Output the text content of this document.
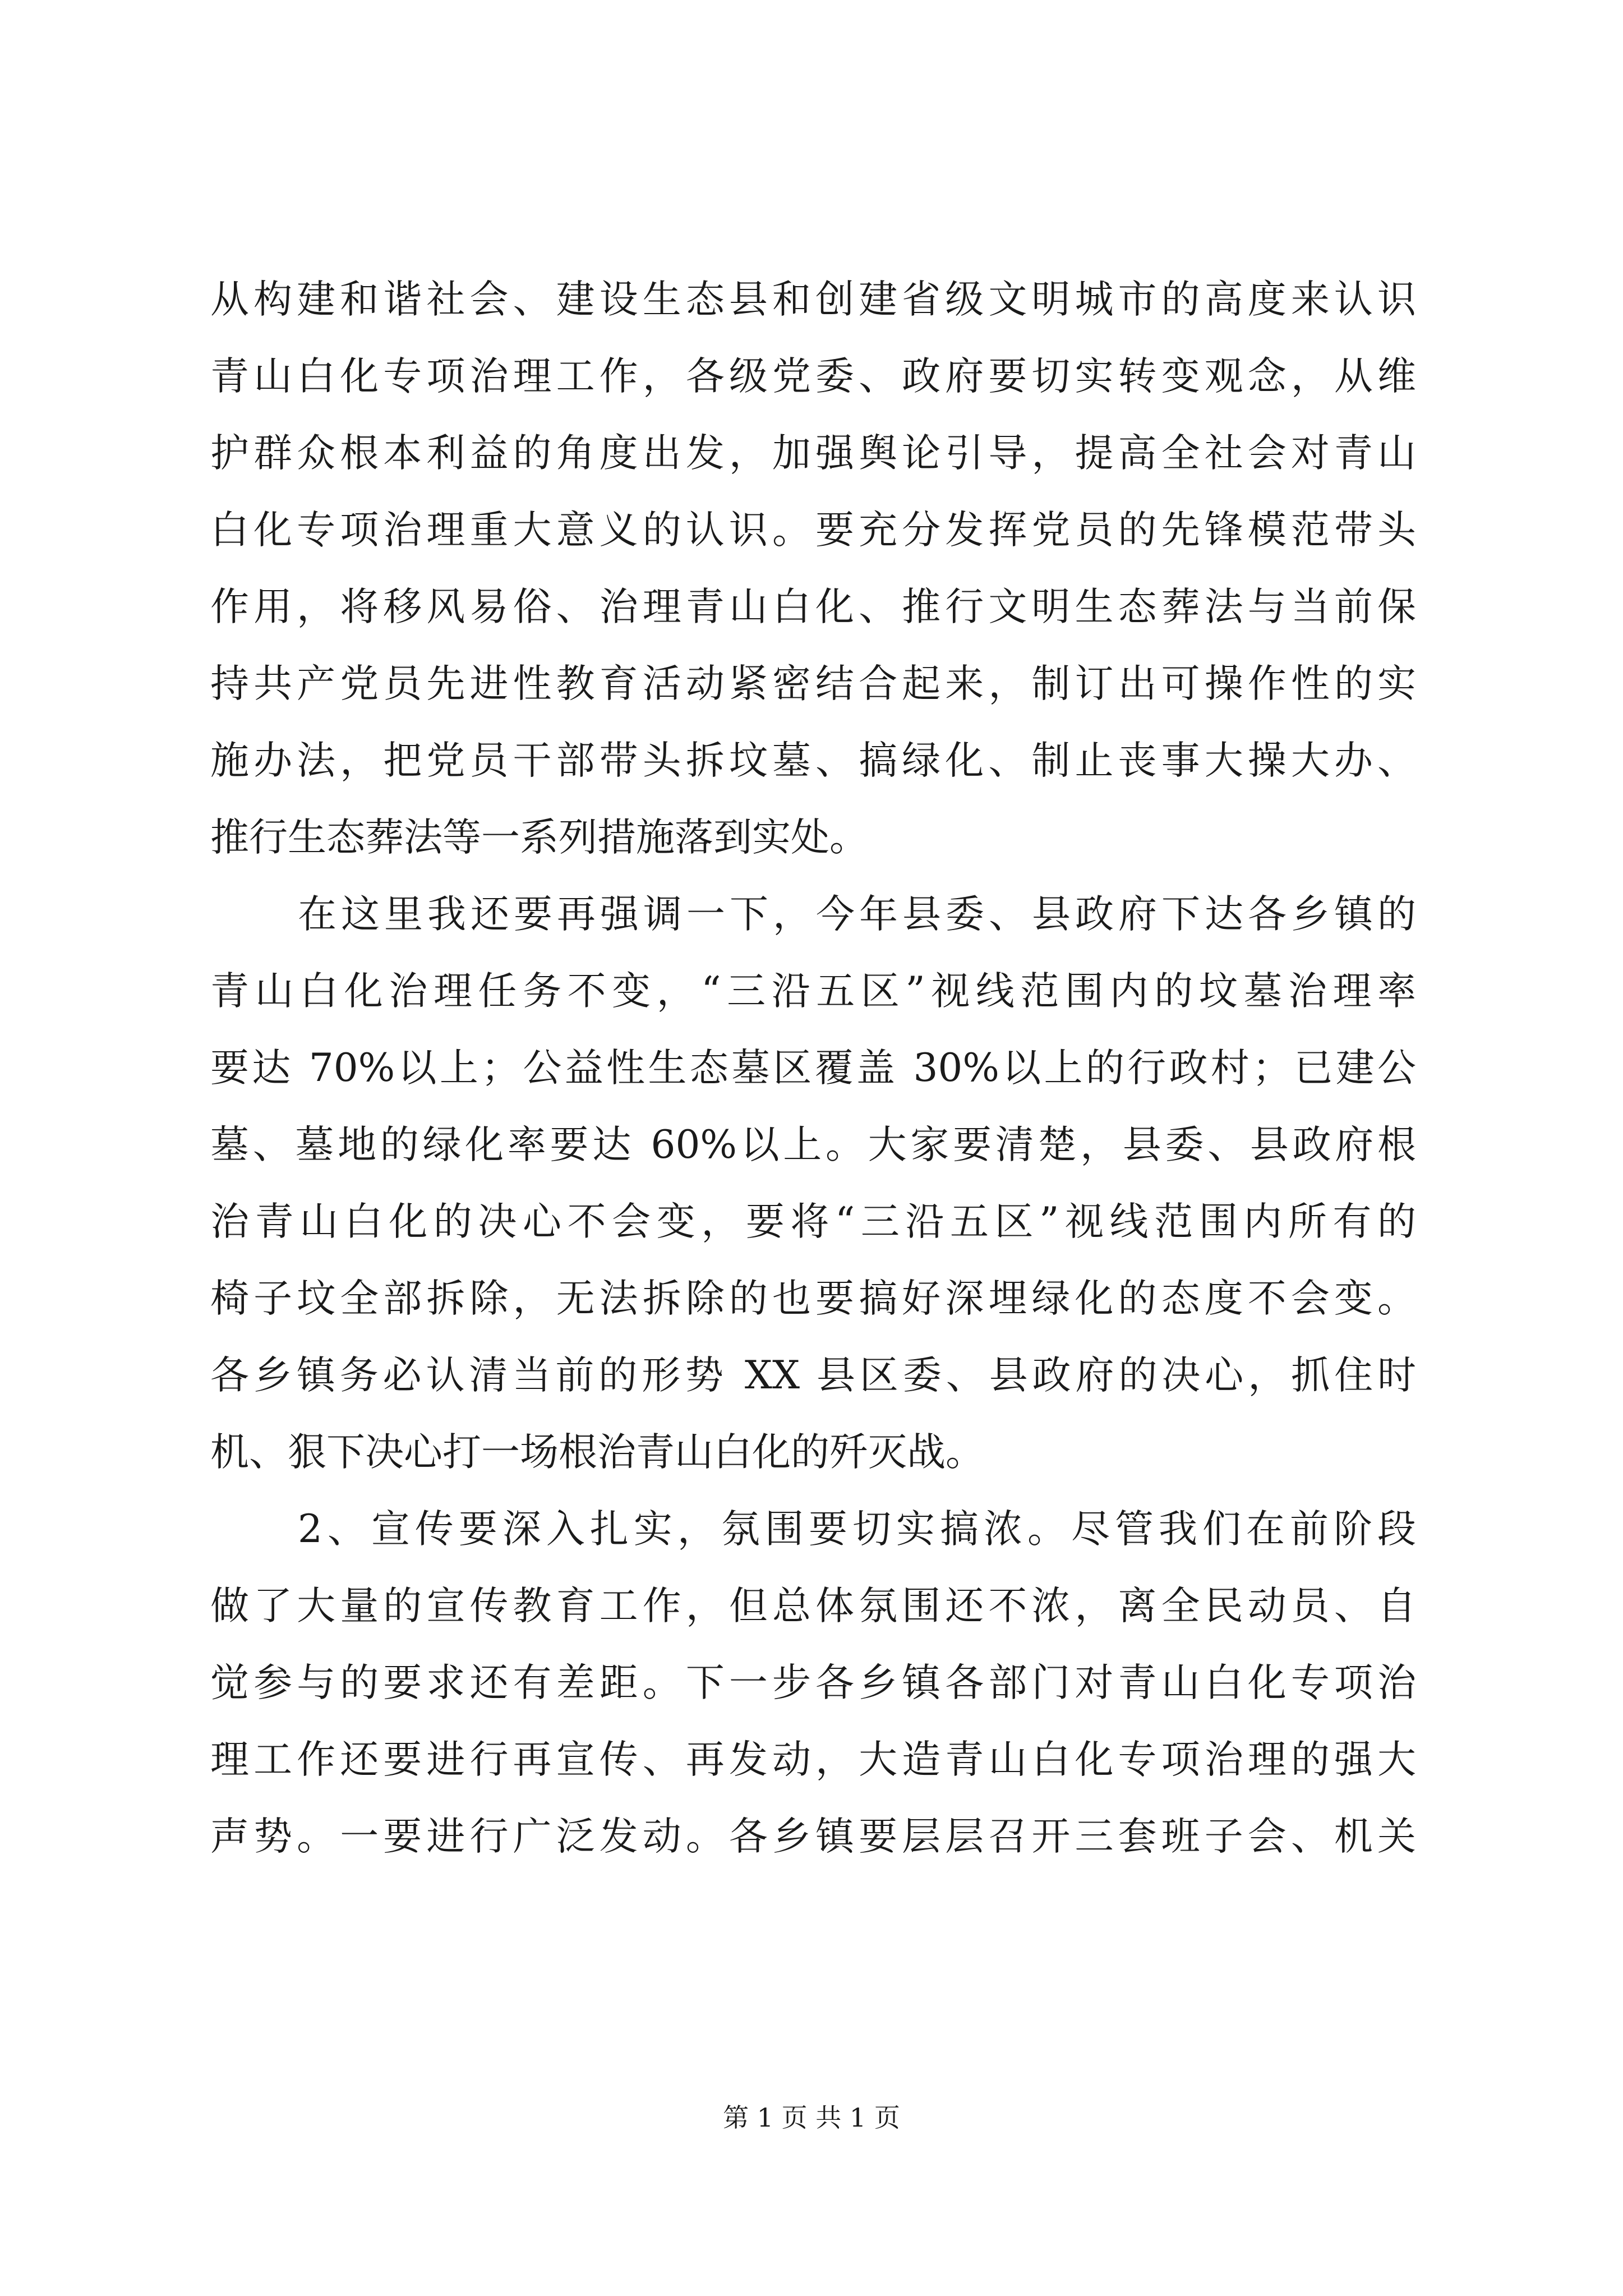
从构建和谐社会、建设生态县和创建省级文明城市的高度来认识
青山白化专项治理工作，各级党委、政府要切实转变观念，从维
护群众根本利益的角度出发，加强舆论引导，提高全社会对青山
白化专项治理重大意义的认识。要充分发挥党员的先锋模范带头
作用，将移风易俗、治理青山白化、推行文明生态葬法与当前保
持共产党员先进性教育活动紧密结合起来，制订出可操作性的实
施办法，把党员干部带头拆坟墓、搞绿化、制止丧事大操大办、
推行生态葬法等一系列措施落到实处。
在这里我还要再强调一下，今年县委、县政府下达各乡镇的
青山白化治理任务不变，“三沿五区”视线范围内的坟墓治理率
要达 70%以上；公益性生态墓区覆盖 30%以上的行政村；已建公
墓、墓地的绿化率要达 60%以上。大家要清楚，县委、县政府根
治青山白化的决心不会变，要将“三沿五区”视线范围内所有的
椅子坟全部拆除，无法拆除的也要搞好深埋绿化的态度不会变。
各乡镇务必认清当前的形势 XX 县区委、县政府的决心，抓住时
机、狠下决心打一场根治青山白化的歼灭战。
2、宣传要深入扎实，氛围要切实搞浓。尽管我们在前阶段
做了大量的宣传教育工作，但总体氛围还不浓，离全民动员、自
觉参与的要求还有差距。下一步各乡镇各部门对青山白化专项治
理工作还要进行再宣传、再发动，大造青山白化专项治理的强大
声势。一要进行广泛发动。各乡镇要层层召开三套班子会、机关
第 1 页 共 1 页
